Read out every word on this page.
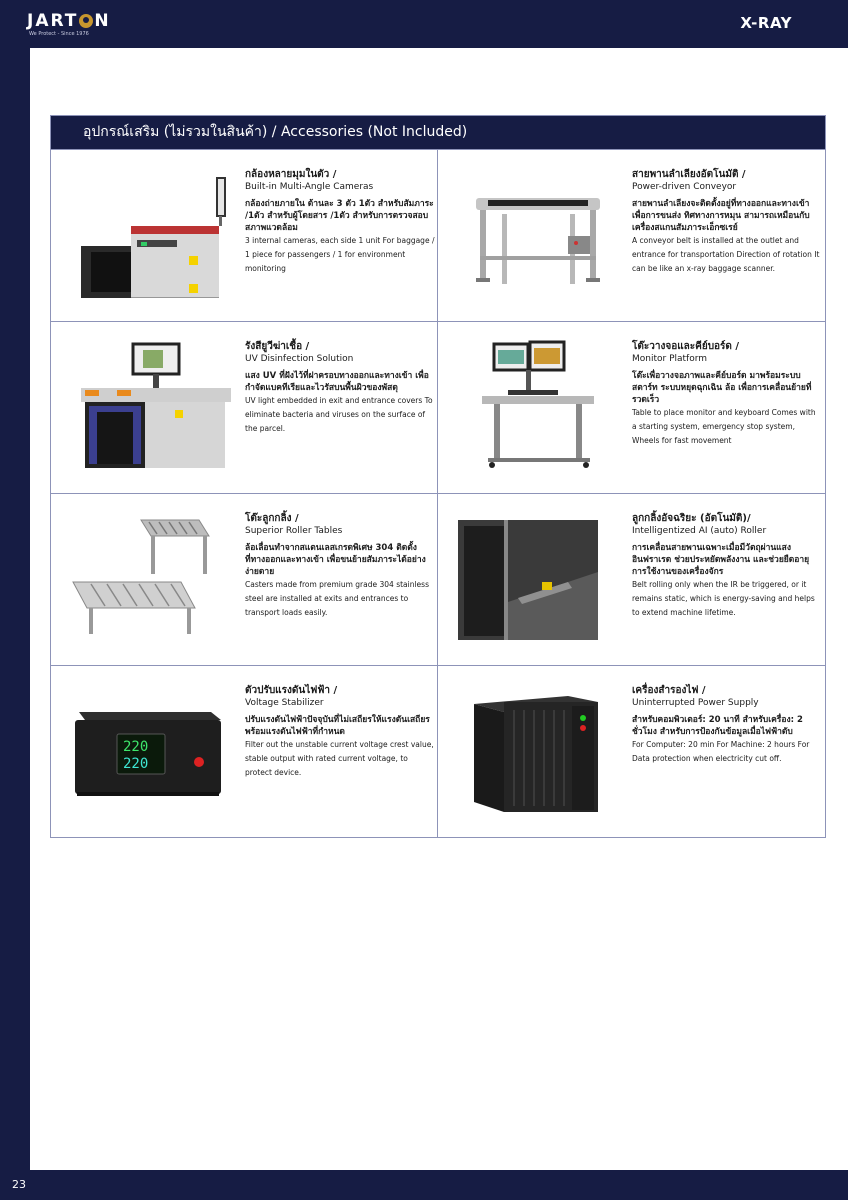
JART N
We Protect - Since 1976
X-RAY
อุปกรณ์เสริม (ไม่รวมในสินค้า) / Accessories (Not Included)
กล้องหลายมุมในตัว /
Built-in Multi-Angle Cameras
กล้องถ่ายภายใน ด้านละ 3 ตัว 1ตัว สำหรับสัมภาระ /1ตัว สำหรับผู้โดยสาร /1ตัว สำหรับการตรวจสอบสภาพแวดล้อม
3 internal cameras, each side 1 unit For baggage / 1 piece for passengers / 1 for environment monitoring
สายพานลำเลียงอัตโนมัติ /
Power-driven Conveyor
สายพานลำเลียงจะติดตั้งอยู่ที่ทางออกและทางเข้าเพื่อการขนส่ง ทิศทางการหมุน สามารถเหมือนกับเครื่องสแกนสัมภาระเอ็กซเรย์
A conveyor belt is installed at the outlet and entrance for transportation Direction of rotation It can be like an x-ray baggage scanner.
รังสียูวีฆ่าเชื้อ /
UV Disinfection Solution
แสง UV ที่ฝังไว้ที่ฝาครอบทางออกและทางเข้า เพื่อกำจัดแบคทีเรียและไวรัสบนพื้นผิวของพัสดุ
UV light embedded in exit and entrance covers To eliminate bacteria and viruses on the surface of the parcel.
โต๊ะวางจอและคีย์บอร์ด /
Monitor Platform
โต๊ะเพื่อวางจอภาพและคีย์บอร์ด มาพร้อมระบบสตาร์ท ระบบหยุดฉุกเฉิน ล้อ เพื่อการเคลื่อนย้ายที่รวดเร็ว
Table to place monitor and keyboard Comes with a starting system, emergency stop system, Wheels for fast movement
โต๊ะลูกกลิ้ง /
Superior Roller Tables
ล้อเลื่อนทำจากสแตนเลสเกรดพิเศษ 304 ติดตั้งที่ทางออกและทางเข้า เพื่อขนย้ายสัมภาระได้อย่างง่ายดาย
Casters made from premium grade 304 stainless steel are installed at exits and entrances to transport loads easily.
ลูกกลิ้งอัจฉริยะ (อัตโนมัติ)/
Intelligentized AI (auto) Roller
การเคลื่อนสายพานเฉพาะเมื่อมีวัตถุผ่านแสงอินฟราเรด ช่วยประหยัดพลังงาน และช่วยยืดอายุการใช้งานของเครื่องจักร
Belt rolling only when the IR be triggered, or it remains static, which is energy-saving and helps to extend machine lifetime.
220
220
ตัวปรับแรงดันไฟฟ้า /
Voltage Stabilizer
ปรับแรงดันไฟฟ้าปัจจุบันที่ไม่เสถียรให้แรงดันเสถียรพร้อมแรงดันไฟฟ้าที่กำหนด
Filter out the unstable current voltage crest value, stable output with rated current voltage, to protect device.
เครื่องสำรองไฟ /
Uninterrupted Power Supply
สำหรับคอมพิวเตอร์: 20 นาที สำหรับเครื่อง: 2 ชั่วโมง สำหรับการป้องกันข้อมูลเมื่อไฟฟ้าดับ
For Computer: 20 min For Machine: 2 hours For Data protection when electricity cut off.
23
